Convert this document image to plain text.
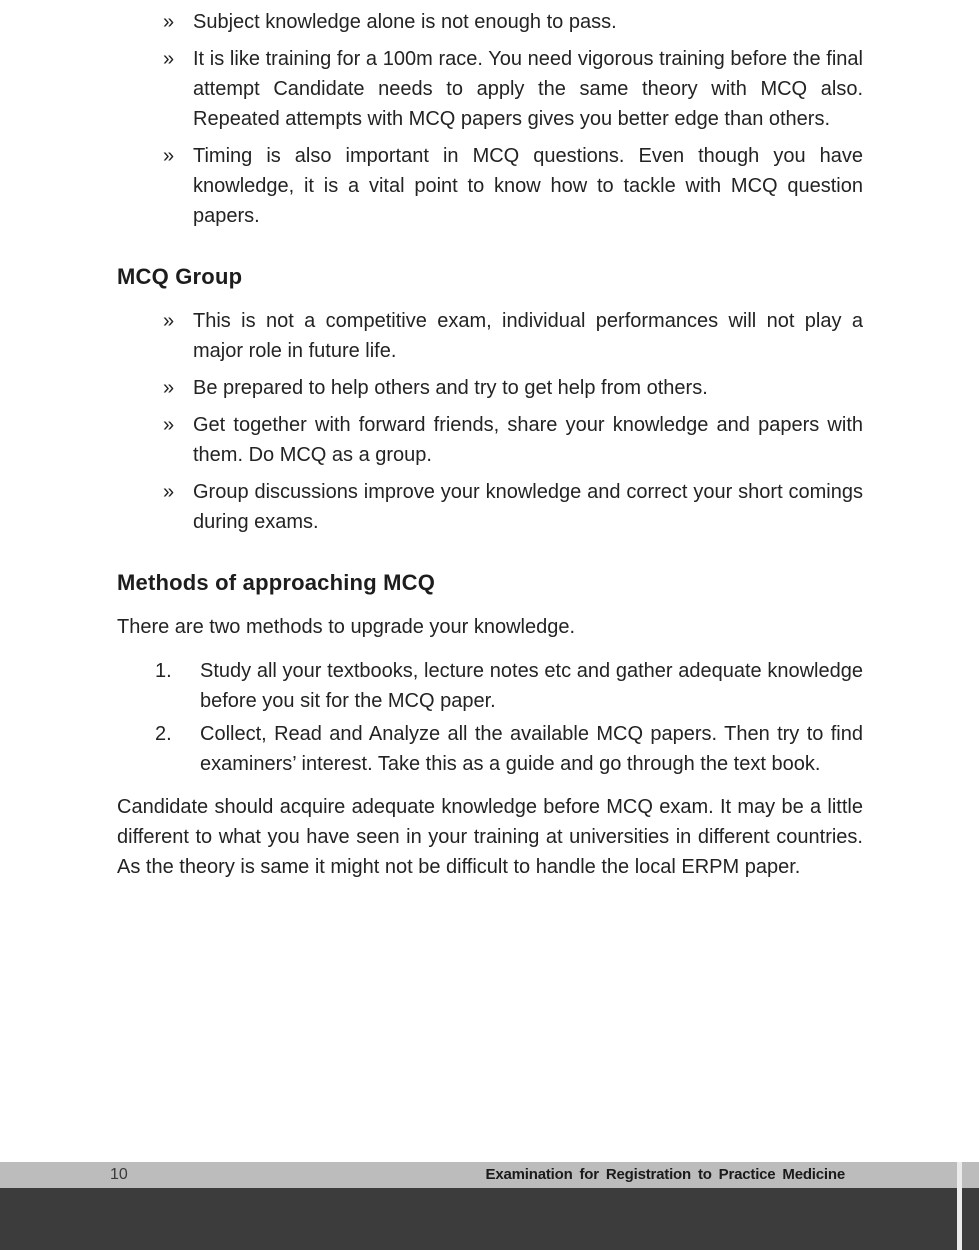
» Subject knowledge alone is not enough to pass.
» It is like training for a 100m race. You need vigorous training before the final attempt Candidate needs to apply the same theory with MCQ also. Repeated attempts with MCQ papers gives you better edge than others.
» Timing is also important in MCQ questions. Even though you have knowledge, it is a vital point to know how to tackle with MCQ question papers.
MCQ Group
» This is not a competitive exam, individual performances will not play a major role in future life.
» Be prepared to help others and try to get help from others.
» Get together with forward friends, share your knowledge and papers with them. Do MCQ as a group.
» Group discussions improve your knowledge and correct your short comings during exams.
Methods of approaching MCQ

There are two methods to upgrade your knowledge.

1. Study all your textbooks, lecture notes etc and gather adequate knowledge before you sit for the MCQ paper.
2. Collect, Read and Analyze all the available MCQ papers. Then try to find examiners’ interest. Take this as a guide and go through the text book.

Candidate should acquire adequate knowledge before MCQ exam. It may be a little different to what you have seen in your training at universities in different countries. As the theory is same it might not be difficult to handle the local ERPM paper.

10	Examination for Registration to Practice Medicine
